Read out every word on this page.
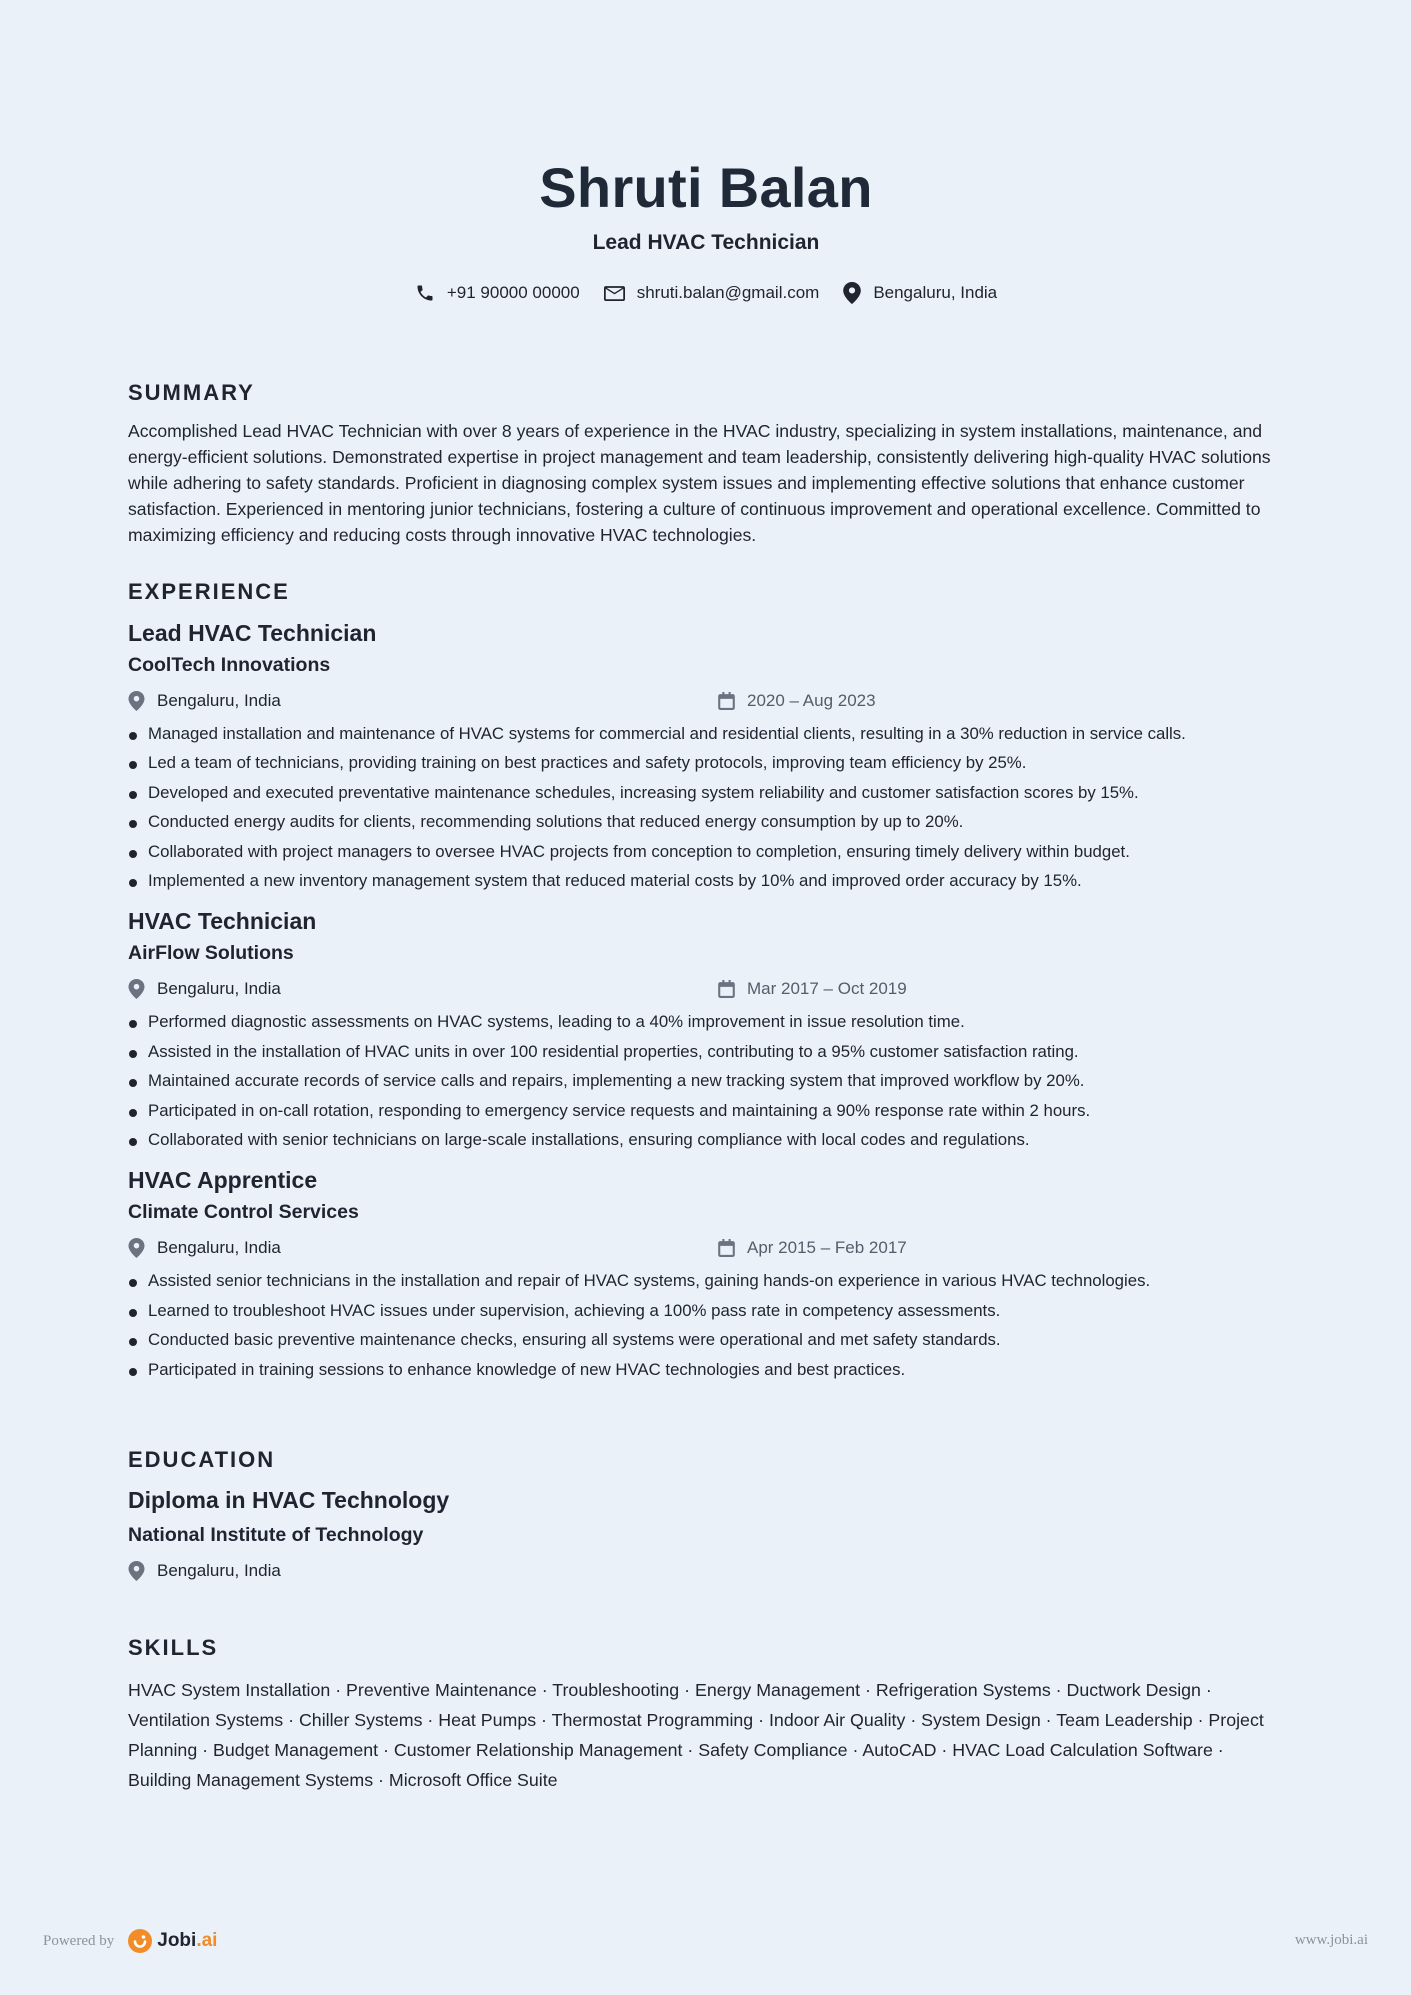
Shruti Balan
Lead HVAC Technician
+91 90000 00000	shruti.balan@gmail.com	Bengaluru, India
SUMMARY

Accomplished Lead HVAC Technician with over 8 years of experience in the HVAC industry, specializing in system installations, maintenance, and energy-efficient solutions. Demonstrated expertise in project management and team leadership, consistently delivering high-quality HVAC solutions while adhering to safety standards. Proficient in diagnosing complex system issues and implementing effective solutions that enhance customer satisfaction. Experienced in mentoring junior technicians, fostering a culture of continuous improvement and operational excellence. Committed to maximizing efficiency and reducing costs through innovative HVAC technologies.

EXPERIENCE
Lead HVAC Technician
CoolTech Innovations
Bengaluru, India	2020 – Aug 2023
Managed installation and maintenance of HVAC systems for commercial and residential clients, resulting in a 30% reduction in service calls.
Led a team of technicians, providing training on best practices and safety protocols, improving team efficiency by 25%.
Developed and executed preventative maintenance schedules, increasing system reliability and customer satisfaction scores by 15%.
Conducted energy audits for clients, recommending solutions that reduced energy consumption by up to 20%.
Collaborated with project managers to oversee HVAC projects from conception to completion, ensuring timely delivery within budget.
Implemented a new inventory management system that reduced material costs by 10% and improved order accuracy by 15%.
HVAC Technician
AirFlow Solutions
Bengaluru, India	Mar 2017 – Oct 2019
Performed diagnostic assessments on HVAC systems, leading to a 40% improvement in issue resolution time.
Assisted in the installation of HVAC units in over 100 residential properties, contributing to a 95% customer satisfaction rating.
Maintained accurate records of service calls and repairs, implementing a new tracking system that improved workflow by 20%.
Participated in on-call rotation, responding to emergency service requests and maintaining a 90% response rate within 2 hours.
Collaborated with senior technicians on large-scale installations, ensuring compliance with local codes and regulations.
HVAC Apprentice
Climate Control Services
Bengaluru, India	Apr 2015 – Feb 2017
Assisted senior technicians in the installation and repair of HVAC systems, gaining hands-on experience in various HVAC technologies.
Learned to troubleshoot HVAC issues under supervision, achieving a 100% pass rate in competency assessments.
Conducted basic preventive maintenance checks, ensuring all systems were operational and met safety standards.
Participated in training sessions to enhance knowledge of new HVAC technologies and best practices.
EDUCATION
Diploma in HVAC Technology
National Institute of Technology
Bengaluru, India
SKILLS

HVAC System Installation · Preventive Maintenance · Troubleshooting · Energy Management · Refrigeration Systems · Ductwork Design · Ventilation Systems · Chiller Systems · Heat Pumps · Thermostat Programming · Indoor Air Quality · System Design · Team Leadership · Project Planning · Budget Management · Customer Relationship Management · Safety Compliance · AutoCAD · HVAC Load Calculation Software · Building Management Systems · Microsoft Office Suite

Powered by Jobi .ai	www.jobi.ai
